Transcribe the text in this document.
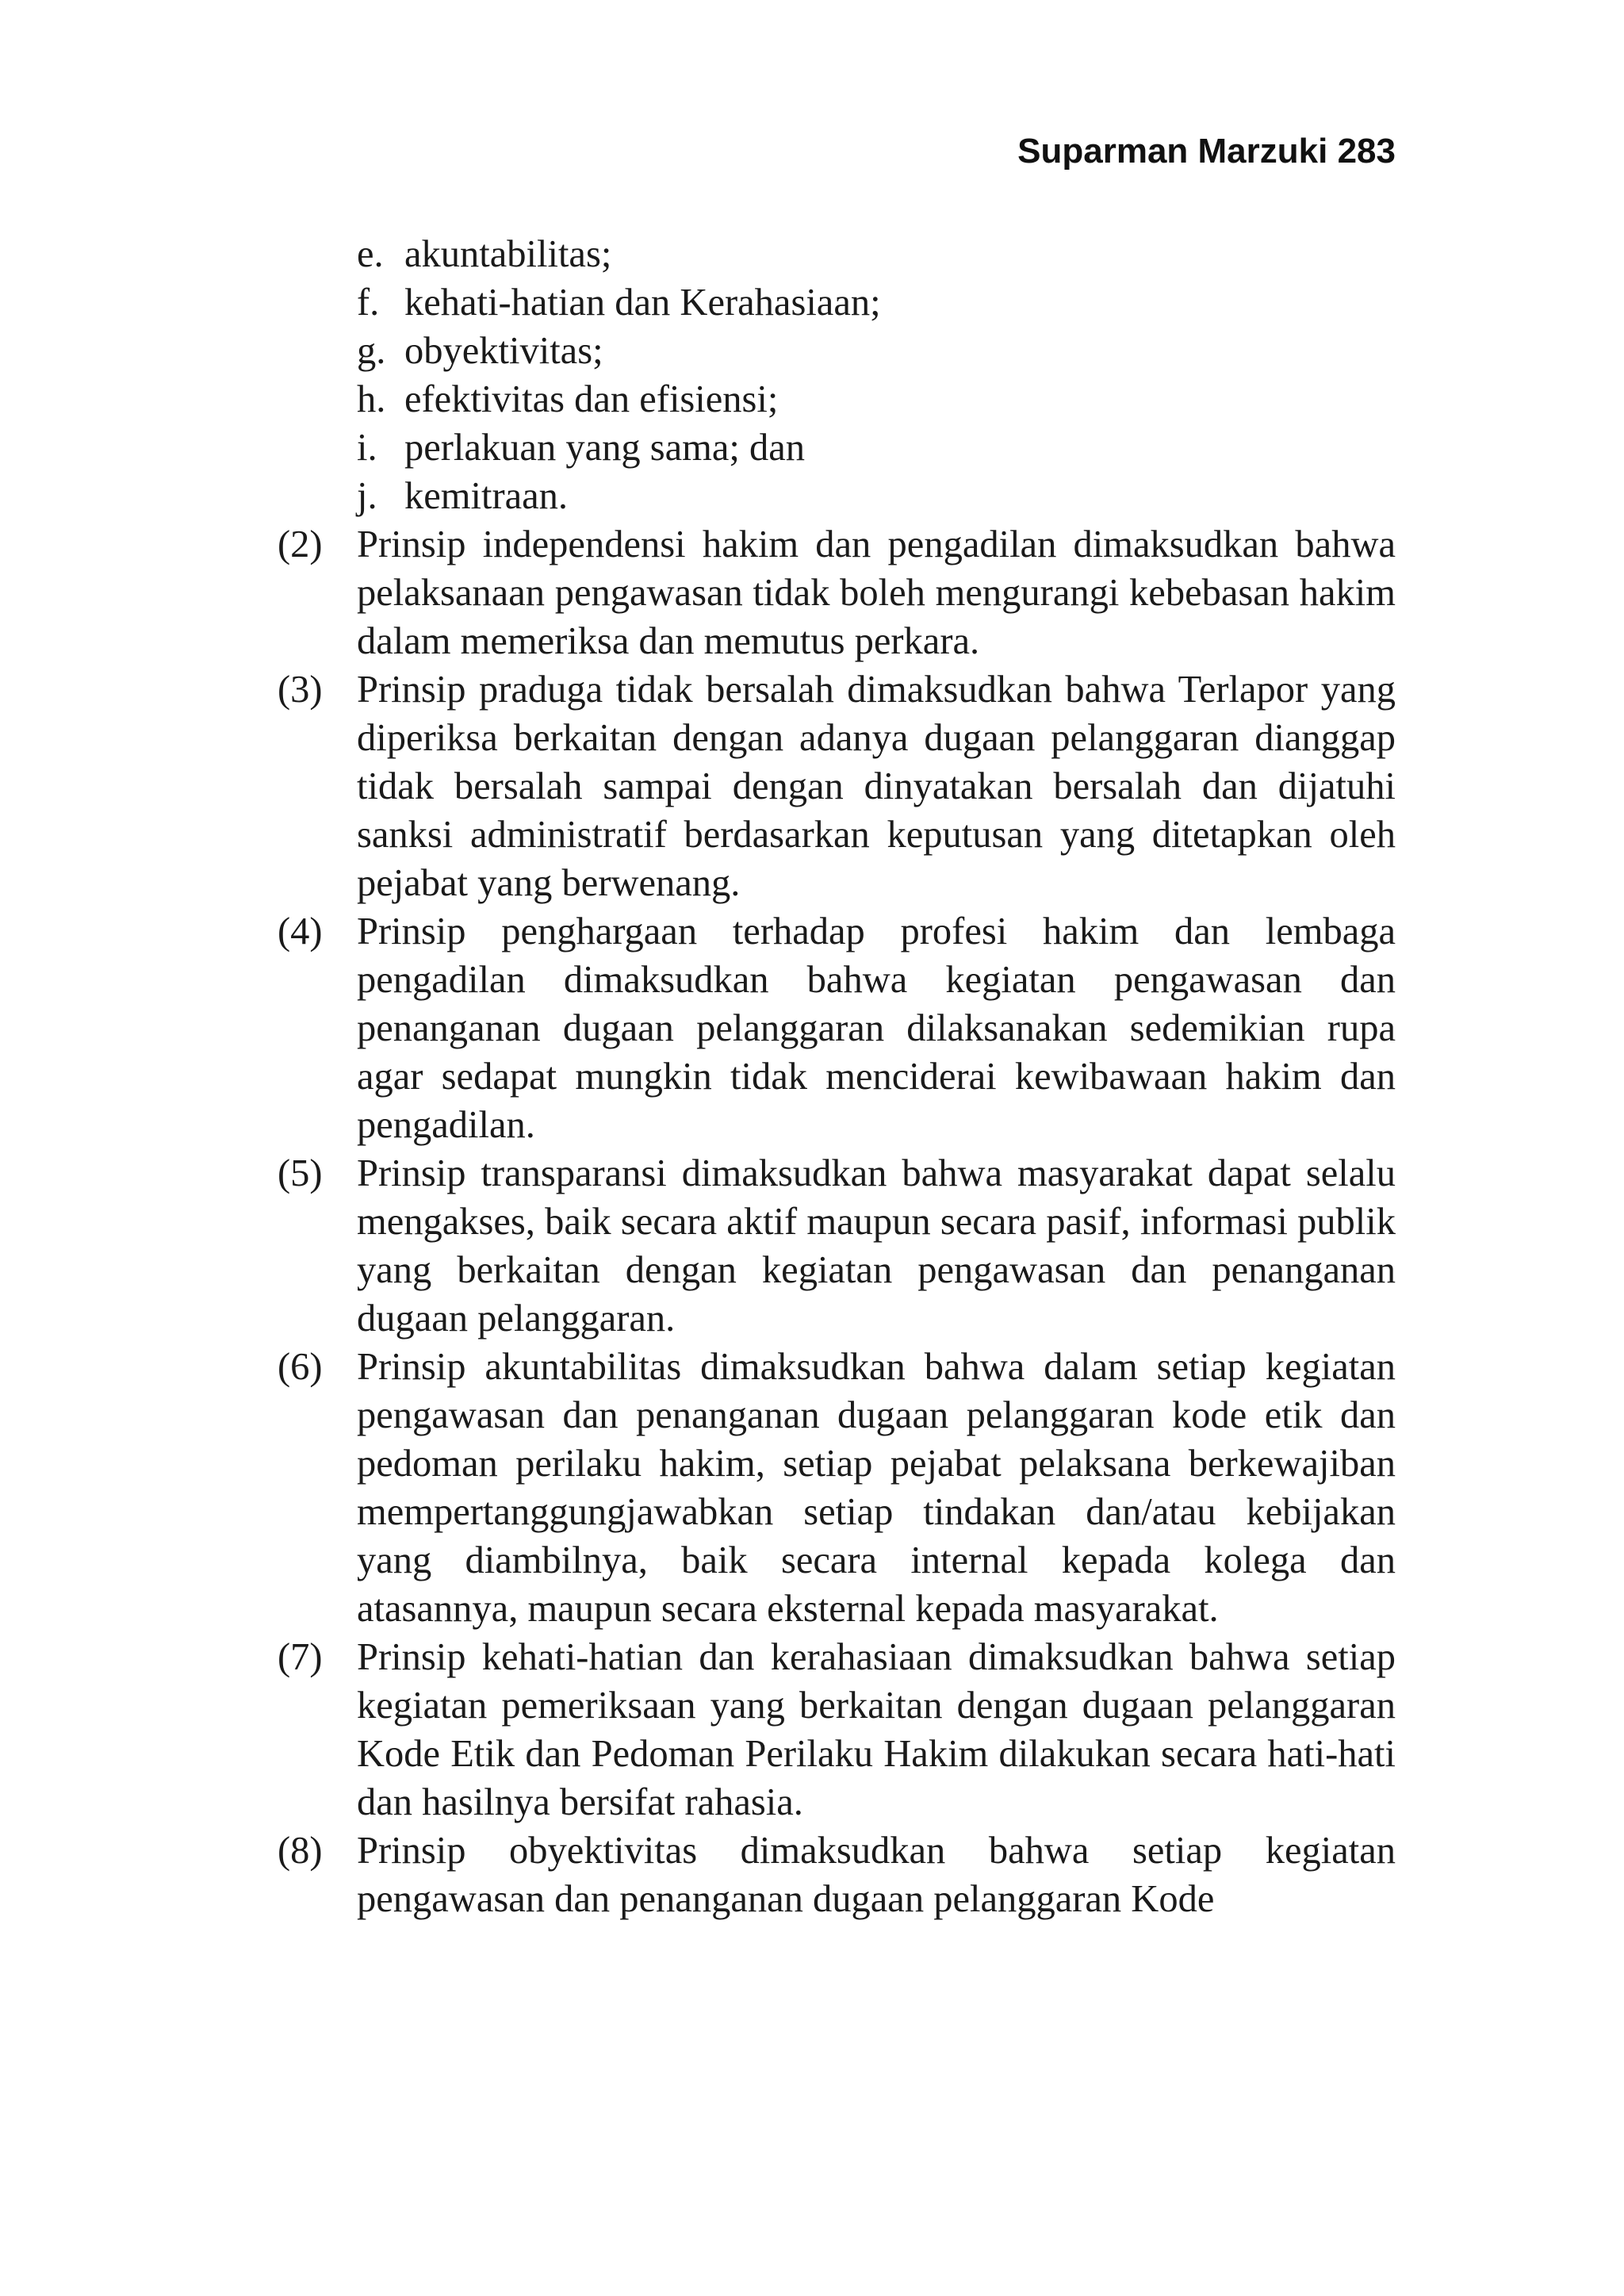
Suparman Marzuki 283
e. akuntabilitas;
f. kehati-hatian dan Kerahasiaan;
g. obyektivitas;
h. efektivitas dan efisiensi;
i. perlakuan yang sama; dan
j. kemitraan.
(2) Prinsip independensi hakim dan pengadilan dimaksudkan bahwa pelaksanaan pengawasan tidak boleh mengurangi kebebasan hakim dalam memeriksa dan memutus perkara.
(3) Prinsip praduga tidak bersalah dimaksudkan bahwa Terlapor yang diperiksa berkaitan dengan adanya dugaan pelanggaran dianggap tidak bersalah sampai dengan dinyatakan bersalah dan dijatuhi sanksi administratif berdasarkan keputusan yang ditetapkan oleh pejabat yang berwenang.
(4) Prinsip penghargaan terhadap profesi hakim dan lembaga pengadilan dimaksudkan bahwa kegiatan pengawasan dan penanganan dugaan pelanggaran dilaksanakan sedemikian rupa agar sedapat mungkin tidak menciderai kewibawaan hakim dan pengadilan.
(5) Prinsip transparansi dimaksudkan bahwa masyarakat dapat selalu mengakses, baik secara aktif maupun secara pasif, informasi publik yang berkaitan dengan kegiatan pengawasan dan penanganan dugaan pelanggaran.
(6) Prinsip akuntabilitas dimaksudkan bahwa dalam setiap kegiatan pengawasan dan penanganan dugaan pelanggaran kode etik dan pedoman perilaku hakim, setiap pejabat pelaksana berkewajiban mempertanggungjawabkan setiap tindakan dan/atau kebijakan yang diambilnya, baik secara internal kepada kolega dan atasannya, maupun secara eksternal kepada masyarakat.
(7) Prinsip kehati-hatian dan kerahasiaan dimaksudkan bahwa setiap kegiatan pemeriksaan yang berkaitan dengan dugaan pelanggaran Kode Etik dan Pedoman Perilaku Hakim dilakukan secara hati-hati dan hasilnya bersifat rahasia.
(8) Prinsip obyektivitas dimaksudkan bahwa setiap kegiatan pengawasan dan penanganan dugaan pelanggaran Kode
